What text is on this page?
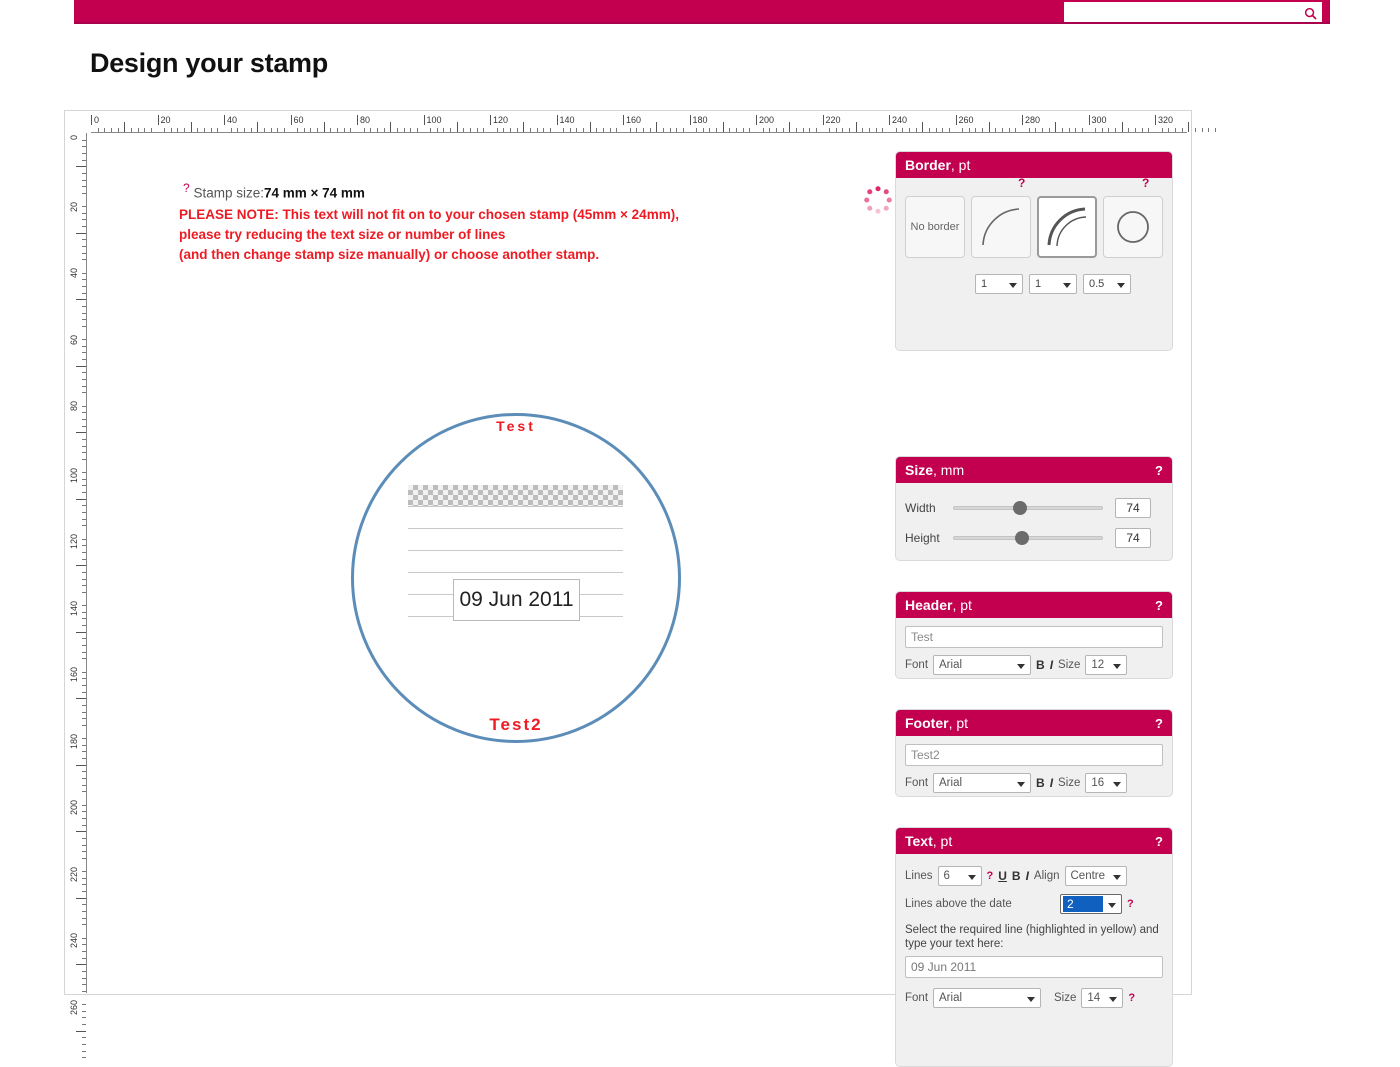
Design your stamp
0	20	40	60	80	100	120	140	160	180	200	220	240	260	280	300	320
0
20
40
60
80
100
120
140
160
180
200
220
240
260
? Stamp size:74 mm × 74 mm
PLEASE NOTE: This text will not fit on to your chosen stamp (45mm × 24mm),
please try reducing the text size or number of lines
(and then change stamp size manually) or choose another stamp.
Test
09 Jun 2011
Test2
Border , pt
?	?
No border
1	1	0.5
Size , mm	?
Width	74
Height	74
Header , pt	?
Test
Font Arial	B I Size 12
Footer , pt	?
Test2
Font Arial	B I Size 16
Text , pt	?
Lines 6	? U B I Align Centre
Lines above the date	2	?
Select the required line (highlighted in yellow) and type your text here:
09 Jun 2011
Font Arial	Size 14	?
